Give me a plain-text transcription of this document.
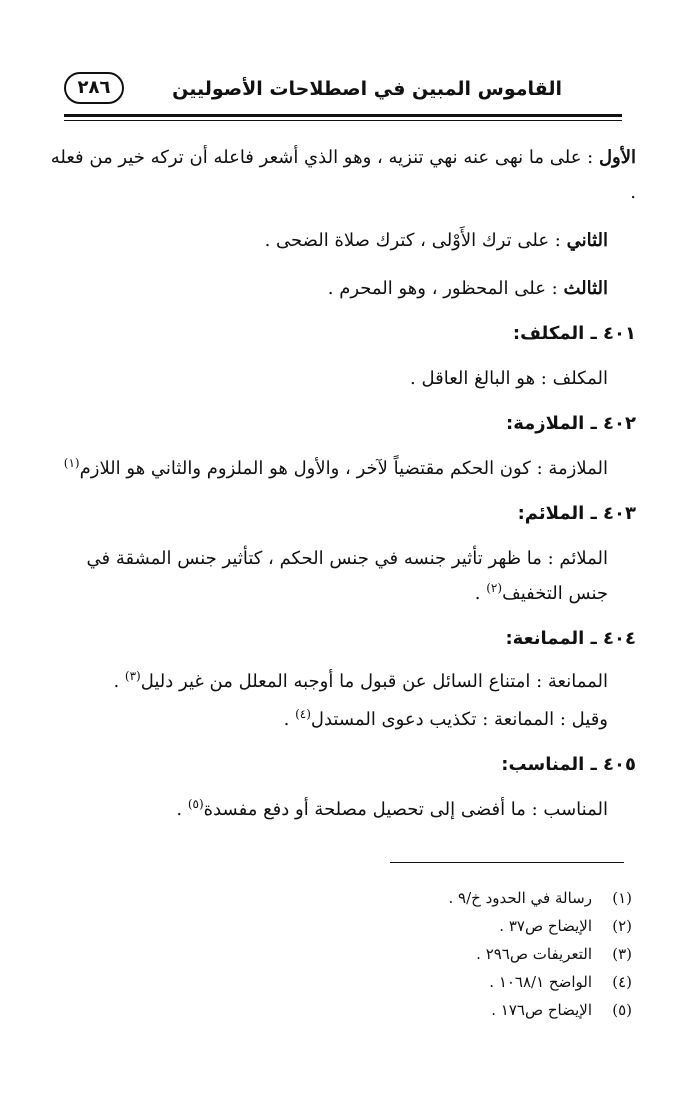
القاموس المبين في اصطلاحات الأصوليين
٢٨٦

الأول : على ما نهى عنه نهي تنزيه ، وهو الذي أشعر فاعله أن تركه خير من فعله .

الثاني : على ترك الأَوْلى ، كترك صلاة الضحى .

الثالث : على المحظور ، وهو المحرم .

٤٠١ ـ المكلف:

المكلف : هو البالغ العاقل .

٤٠٢ ـ الملازمة:

الملازمة : كون الحكم مقتضياً لآخر ، والأول هو الملزوم والثاني هو اللازم$^{(١)}$

٤٠٣ ـ الملائم:

الملائم : ما ظهر تأثير جنسه في جنس الحكم ، كتأثير جنس المشقة في جنس التخفيف$^{(٢)}$ .

٤٠٤ ـ الممانعة:

الممانعة : امتناع السائل عن قبول ما أوجبه المعلل من غير دليل$^{(٣)}$ .

وقيل : الممانعة : تكذيب دعوى المستدل$^{(٤)}$ .

٤٠٥ ـ المناسب:

المناسب : ما أفضى إلى تحصيل مصلحة أو دفع مفسدة$^{(٥)}$ .

(١)رسالة في الحدود خ/٩ .
(٢)الإيضاح ص٣٧ .
(٣)التعريفات ص٢٩٦ .
(٤)الواضح ١٠٦٨/١ .
(٥)الإيضاح ص١٧٦ .
